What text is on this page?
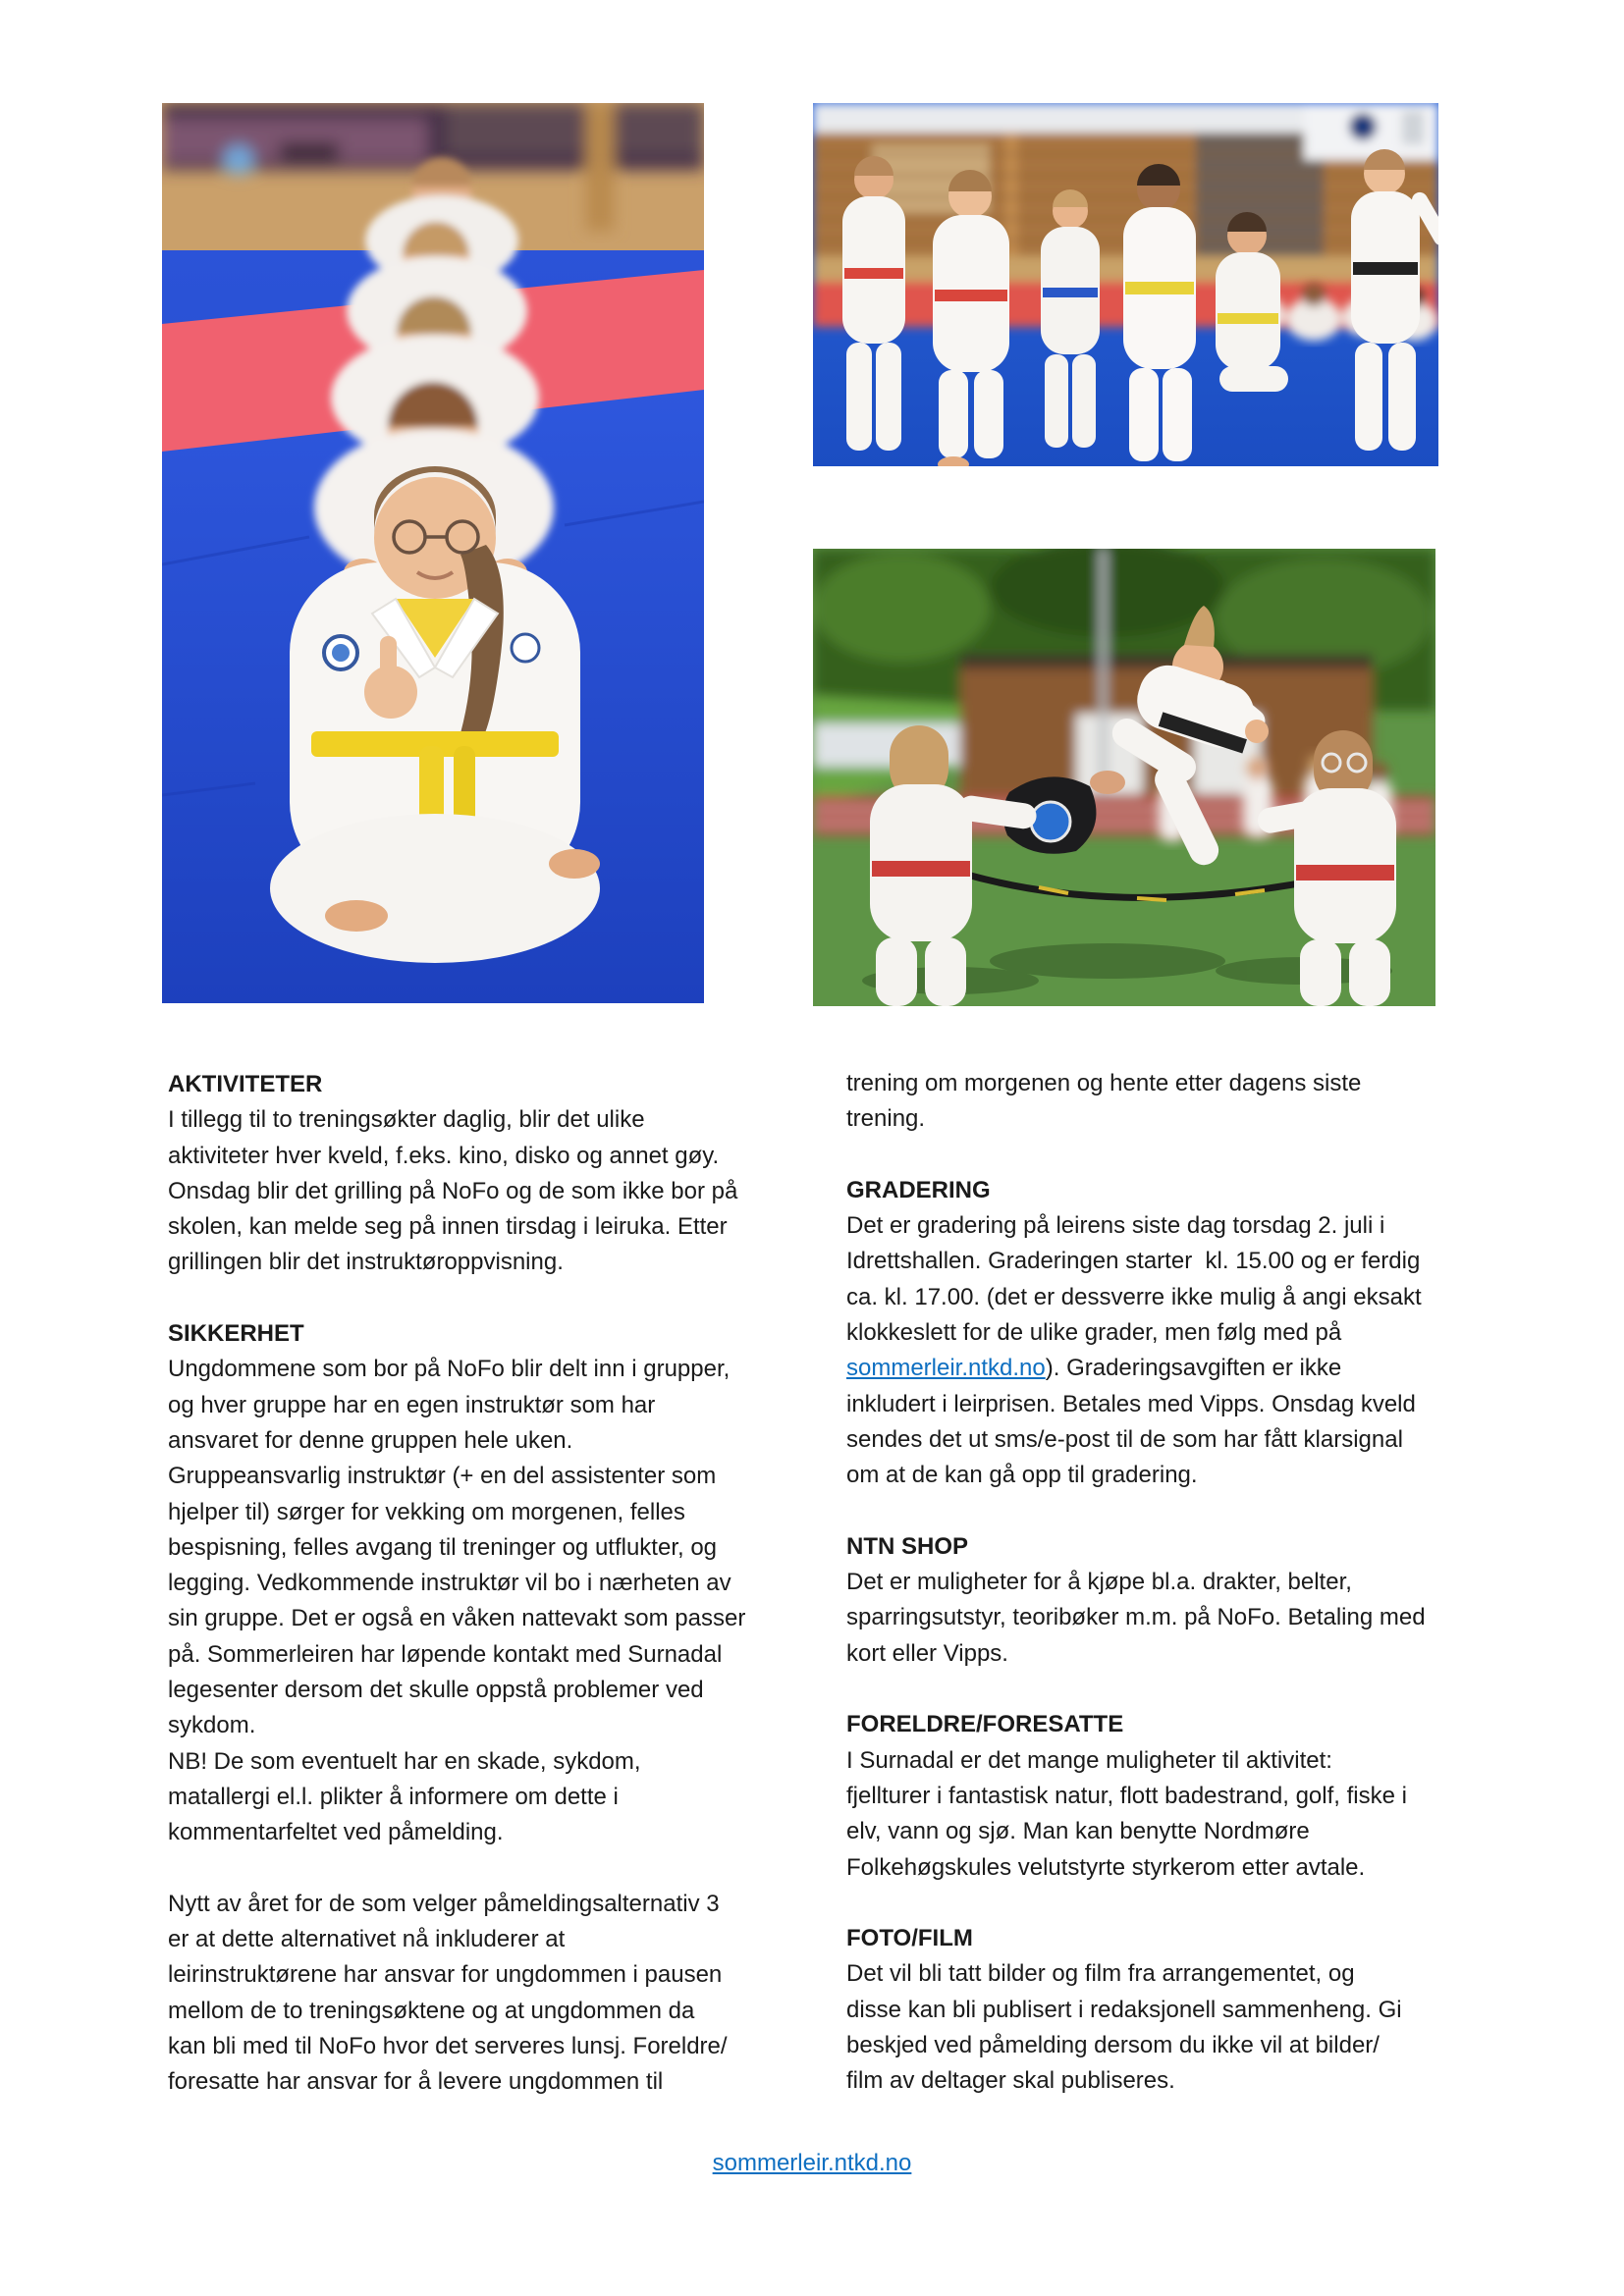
AKTIVITETER
I tillegg til to treningsøkter daglig, blir det ulike
aktiviteter hver kveld, f.eks. kino, disko og annet gøy.
Onsdag blir det grilling på NoFo og de som ikke bor på
skolen, kan melde seg på innen tirsdag i leiruka. Etter
grillingen blir det instruktøroppvisning.
SIKKERHET
Ungdommene som bor på NoFo blir delt inn i grupper,
og hver gruppe har en egen instruktør som har
ansvaret for denne gruppen hele uken.
Gruppeansvarlig instruktør (+ en del assistenter som
hjelper til) sørger for vekking om morgenen, felles
bespisning, felles avgang til treninger og utflukter, og
legging. Vedkommende instruktør vil bo i nærheten av
sin gruppe. Det er også en våken nattevakt som passer
på. Sommerleiren har løpende kontakt med Surnadal
legesenter dersom det skulle oppstå problemer ved
sykdom.
NB! De som eventuelt har en skade, sykdom,
matallergi el.l. plikter å informere om dette i
kommentarfeltet ved påmelding.
Nytt av året for de som velger påmeldingsalternativ 3
er at dette alternativet nå inkluderer at
leirinstruktørene har ansvar for ungdommen i pausen
mellom de to treningsøktene og at ungdommen da
kan bli med til NoFo hvor det serveres lunsj. Foreldre/
foresatte har ansvar for å levere ungdommen til
trening om morgenen og hente etter dagens siste
trening.
GRADERING
Det er gradering på leirens siste dag torsdag 2. juli i
Idrettshallen. Graderingen starter  kl. 15.00 og er ferdig
ca. kl. 17.00. (det er dessverre ikke mulig å angi eksakt
klokkeslett for de ulike grader, men følg med på
sommerleir.ntkd.no). Graderingsavgiften er ikke
inkludert i leirprisen. Betales med Vipps. Onsdag kveld
sendes det ut sms/e-post til de som har fått klarsignal
om at de kan gå opp til gradering.
NTN SHOP
Det er muligheter for å kjøpe bl.a. drakter, belter,
sparringsutstyr, teoribøker m.m. på NoFo. Betaling med
kort eller Vipps.
FORELDRE/FORESATTE
I Surnadal er det mange muligheter til aktivitet:
fjellturer i fantastisk natur, flott badestrand, golf, fiske i
elv, vann og sjø. Man kan benytte Nordmøre
Folkehøgskules velutstyrte styrkerom etter avtale.
FOTO/FILM
Det vil bli tatt bilder og film fra arrangementet, og
disse kan bli publisert i redaksjonell sammenheng. Gi
beskjed ved påmelding dersom du ikke vil at bilder/
film av deltager skal publiseres.
sommerleir.ntkd.no
